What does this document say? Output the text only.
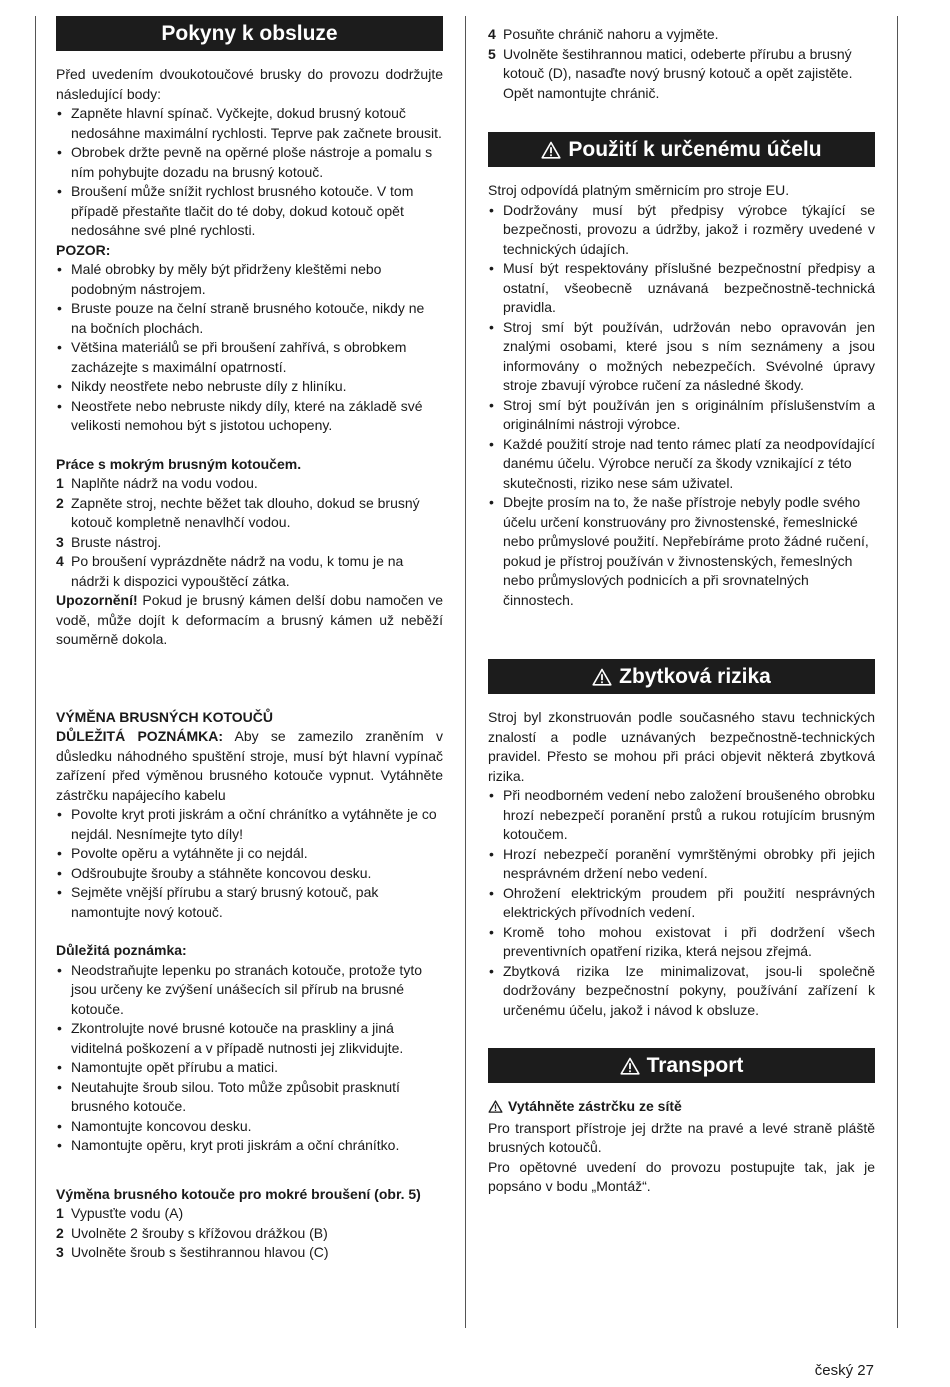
Pokyny k obsluze

Před uvedením dvoukotoučové brusky do provozu dodržujte následující body:

• Zapněte hlavní spínač. Vyčkejte, dokud brusný kotouč nedosáhne maximální rychlosti. Teprve pak začnete brousit.
• Obrobek držte pevně na opěrné ploše nástroje a pomalu s ním pohybujte dozadu na brusný kotouč.
• Broušení může snížit rychlost brusného kotouče. V tom případě přestaňte tlačit do té doby, dokud kotouč opět nedosáhne své plné rychlosti.

POZOR:

• Malé obrobky by měly být přidrženy kleštěmi nebo podobným nástrojem.
• Bruste pouze na čelní straně brusného kotouče, nikdy ne na bočních plochách.
• Většina materiálů se při broušení zahřívá, s obrobkem zacházejte s maximální opatrností.
• Nikdy neostřete nebo nebruste díly z hliníku.
• Neostřete nebo nebruste nikdy díly, které na základě své velikosti nemohou být s jistotou uchopeny.

Práce s mokrým brusným kotoučem.

1 Naplňte nádrž na vodu vodou.
2 Zapněte stroj, nechte běžet tak dlouho, dokud se brusný kotouč kompletně nenavlhčí vodou.
3 Bruste nástroj.
4 Po broušení vyprázdněte nádrž na vodu, k tomu je na nádrži k dispozici vypouštěcí zátka.

Upozornění! Pokud je brusný kámen delší dobu namočen ve vodě, může dojít k deformacím a brusný kámen už neběží souměrně dokola.

VÝMĚNA BRUSNÝCH KOTOUČŮ

DŮLEŽITÁ POZNÁMKA: Aby se zamezilo zraněním v důsledku náhodného spuštění stroje, musí být hlavní vypínač zařízení před výměnou brusného kotouče vypnut. Vytáhněte zástrčku napájecího kabelu

• Povolte kryt proti jiskrám a oční chránítko a vytáhněte je co nejdál. Nesnímejte tyto díly!
• Povolte opěru a vytáhněte ji co nejdál.
• Odšroubujte šrouby a stáhněte koncovou desku.
• Sejměte vnější přírubu a starý brusný kotouč, pak namontujte nový kotouč.

Důležitá poznámka:

• Neodstraňujte lepenku po stranách kotouče, protože tyto jsou určeny ke zvýšení unášecích sil přírub na brusné kotouče.
• Zkontrolujte nové brusné kotouče na praskliny a jiná viditelná poškození a v případě nutnosti jej zlikvidujte.
• Namontujte opět přírubu a matici.
• Neutahujte šroub silou. Toto může způsobit prasknutí brusného kotouče.
• Namontujte koncovou desku.
• Namontujte opěru, kryt proti jiskrám a oční chránítko.

Výměna brusného kotouče pro mokré broušení (obr. 5)

1 Vypusťte vodu (A)
2 Uvolněte 2 šrouby s křížovou drážkou (B)
3 Uvolněte šroub s šestihrannou hlavou (C)
4 Posuňte chránič nahoru a vyjměte.
5 Uvolněte šestihrannou matici, odeberte přírubu a brusný kotouč (D), nasaďte nový brusný kotouč a opět zajistěte. Opět namontujte chránič.
Použití k určenému účelu

Stroj odpovídá platným směrnicím pro stroje EU.

• Dodržovány musí být předpisy výrobce týkající se bezpečnosti, provozu a údržby, jakož i rozměry uvedené v technických údajích.
• Musí být respektovány příslušné bezpečnostní předpisy a ostatní, všeobecně uznávaná bezpečnostně-technická pravidla.
• Stroj smí být používán, udržován nebo opravován jen znalými osobami, které jsou s ním seznámeny a jsou informovány o možných nebezpečích. Svévolné úpravy stroje zbavují výrobce ručení za následné škody.
• Stroj smí být používán jen s originálním příslušenstvím a originálními nástroji výrobce.
• Každé použití stroje nad tento rámec platí za neodpovídající danému účelu. Výrobce neručí za škody vznikající z této skutečnosti, riziko nese sám uživatel.
• Dbejte prosím na to, že naše přístroje nebyly podle svého účelu určení konstruovány pro živnostenské, řemeslnické nebo průmyslové použití. Nepřebíráme proto žádné ručení, pokud je přístroj používán v živnostenských, řemeslných nebo průmyslových podnicích a při srovnatelných činnostech.
Zbytková rizika

Stroj byl zkonstruován podle současného stavu technických znalostí a podle uznávaných bezpečnostně-technických pravidel. Přesto se mohou při práci objevit některá zbytková rizika.

• Při neodborném vedení nebo založení broušeného obrobku hrozí nebezpečí poranění prstů a rukou rotujícím brusným kotoučem.
• Hrozí nebezpečí poranění vymrštěnými obrobky při jejich nesprávném držení nebo vedení.
• Ohrožení elektrickým proudem při použití nesprávných elektrických přívodních vedení.
• Kromě toho mohou existovat i při dodržení všech preventivních opatření rizika, která nejsou zřejmá.
• Zbytková rizika lze minimalizovat, jsou-li společně dodržovány bezpečnostní pokyny, používání zařízení k určenému účelu, jakož i návod k obsluze.
Transport

Vytáhněte zástrčku ze sítě

Pro transport přístroje jej držte na pravé a levé straně pláště brusných kotoučů.

Pro opětovné uvedení do provozu postupujte tak, jak je popsáno v bodu „Montáž“.

český 27
